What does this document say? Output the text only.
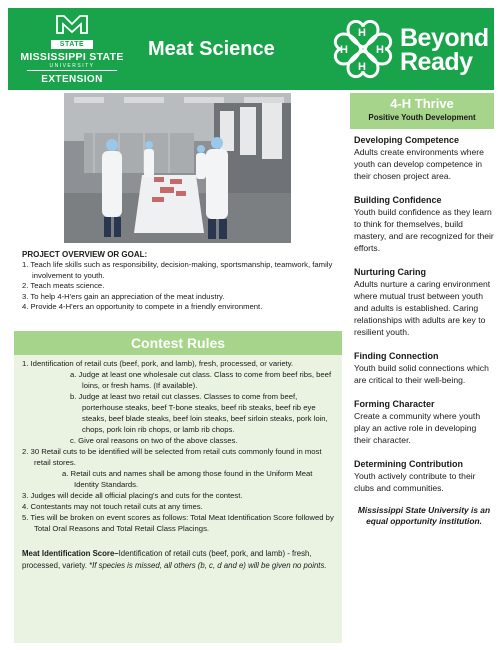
STATE
MISSISSIPPI STATE
UNIVERSITY
EXTENSION
Meat Science
H
H
H	H Beyond
Ready
4-H Thrive
Positive Youth Development
Developing Competence
Adults create environments where youth can develop competence in their chosen project area.
Building Confidence
Youth build confidence as they learn to think for themselves, build mastery, and are recognized for their efforts.
Nurturing Caring
Adults nurture a caring environment where mutual trust between youth and adults is established. Caring relationships with adults are key to resilient youth.
Finding Connection
Youth build solid connections which are critical to their well-being.
Forming Character
Create a community where youth play an active role in developing their character.
Determining Contribution
Youth actively contribute to their clubs and communities.
Mississippi State University is an equal opportunity institution.
PROJECT OVERVIEW OR GOAL:
1. Teach life skills such as responsibility, decision-making, sportsmanship, teamwork, family involvement to youth.
2. Teach meats science.
3. To help 4-H'ers gain an appreciation of the meat industry.
4. Provide 4-H'ers an opportunity to compete in a friendly environment.
Contest Rules
1. Identification of retail cuts (beef, pork, and lamb), fresh, processed, or variety.
a. Judge at least one wholesale cut class. Class to come from beef ribs, beef loins, or fresh hams. (If available).
b. Judge at least two retail cut classes. Classes to come from beef, porterhouse steaks, beef T-bone steaks, beef rib steaks, beef rib eye steaks, beef blade steaks, beef loin steaks, beef sirloin steaks, pork loin, chops, pork loin rib chops, or lamb rib chops.
c. Give oral reasons on two of the above classes.
2. 30 Retail cuts to be identified will be selected from retail cuts commonly found in most retail stores.
a. Retail cuts and names shall be among those found in the Uniform Meat Identity Standards.
3. Judges will decide all official placing's and cuts for the contest.
4. Contestants may not touch retail cuts at any times.
5. Ties will be broken on event scores as follows: Total Meat Identification Score followed by Total Oral Reasons and Total Retail Class Placings.
Meat Identification Score–Identification of retail cuts (beef, pork, and lamb) - fresh, processed, variety. *If species is missed, all others (b, c, d and e) will be given no points.
